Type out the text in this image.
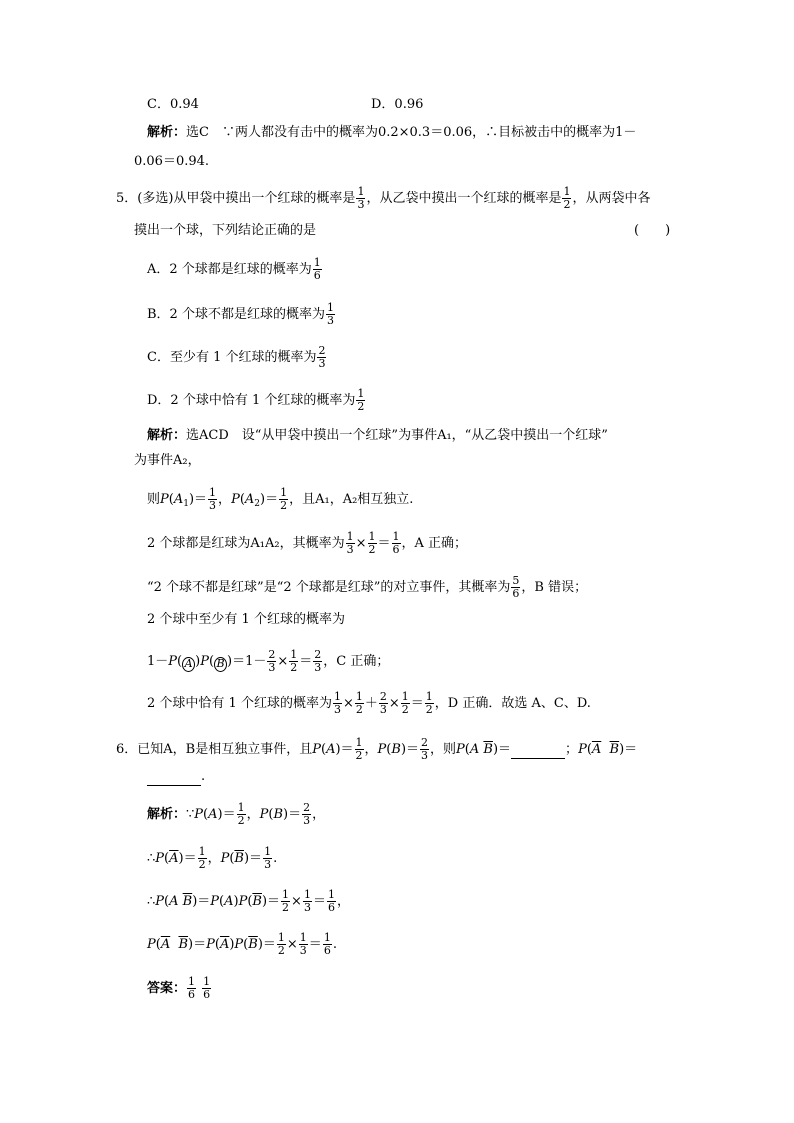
C．0.94	D．0.96
解析：选C　∵两人都没有击中的概率为0.2×0.3＝0.06，∴目标被击中的概率为1－
0.06＝0.94.
5．(多选)从甲袋中摸出一个红球的概率是 $\frac{1}{3}$ ，从乙袋中摸出一个红球的概率是 $\frac{1}{2}$ ，从两袋中各
摸出一个球，下列结论正确的是	(　　)
A．2 个球都是红球的概率为 $\frac{1}{6}$
B．2 个球不都是红球的概率为 $\frac{1}{3}$
C．至少有 1 个红球的概率为 $\frac{2}{3}$
D．2 个球中恰有 1 个红球的概率为 $\frac{1}{2}$
解析：选ACD　设“从甲袋中摸出一个红球”为事件A₁，“从乙袋中摸出一个红球”
为事件A₂，
则$P(A_1)= \frac{1}{3}$ ，$P(A_2)= \frac{1}{2}$ ，且A₁，A₂相互独立.
2 个球都是红球为A₁A₂，其概率为 $\frac{1}{3} \times \frac{1}{2} = \frac{1}{6}$ ，A 正确；
“2 个球不都是红球”是“2 个球都是红球”的对立事件，其概率为 $\frac{5}{6}$ ，B 错误；
2 个球中至少有 1 个红球的概率为
1－P( A )P( B )$=1- \frac{2}{3} \times \frac{1}{2} = \frac{2}{3}$ ，C 正确；
2 个球中恰有 1 个红球的概率为 $\frac{1}{3} \times \frac{1}{2} + \frac{2}{3} \times \frac{1}{2} = \frac{1}{2}$ ，D 正确．故选 A、C、D.
6．已知A，B是相互独立事件，且$P(A)= \frac{1}{2}$ ，$P(B)= \frac{2}{3}$ ，则P(A $\overline{B})=$	；$P(\overline{A}$ $\overline{B})=$
.
解析：∵P(A)＝ $\frac{1}{2}$ ，$P(B)= \frac{2}{3}$ ，
$\therefore P(\overline{A})= \frac{1}{2}$ ，$P(\overline{B})= \frac{1}{3}$ .
∴P(A $\overline{B})=P(A)P(\overline{B})= \frac{1}{2} \times \frac{1}{3} = \frac{1}{6}$ ，
$P(\overline{A}$ $\overline{B})=P(\overline{A})P(\overline{B})= \frac{1}{2} \times \frac{1}{3} = \frac{1}{6}$ .
答案： $\frac{1}{6}$
$\frac{1}{6}$
